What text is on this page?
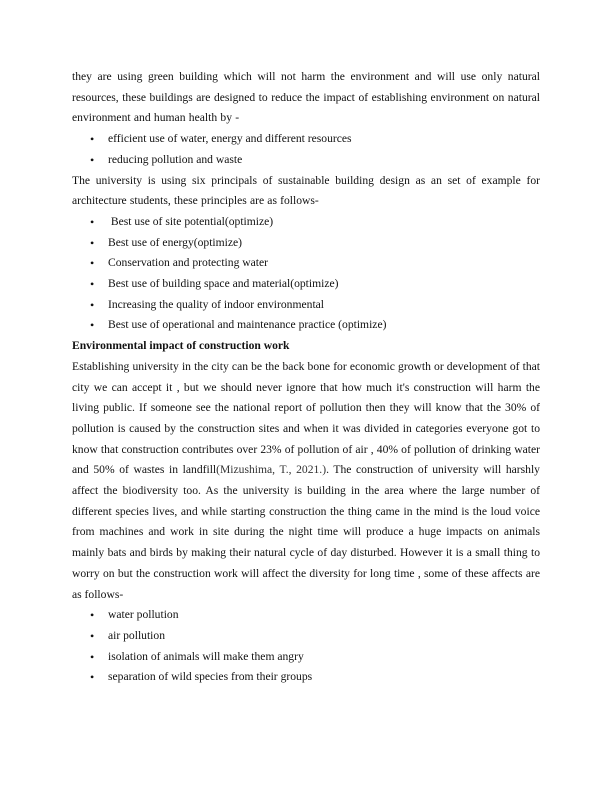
they are using green building which will not harm the environment and will use only natural resources, these buildings are designed to reduce the impact of establishing environment on natural environment and human health by -

• efficient use of water, energy and different resources
• reducing pollution and waste

The university is using six principals of sustainable building design as an set of example for architecture students, these principles are as follows-

• Best use of site potential(optimize)
• Best use of energy(optimize)
• Conservation and protecting water
• Best use of building space and material(optimize)
• Increasing the quality of indoor environmental
• Best use of operational and maintenance practice (optimize)
Environmental impact of construction work

Establishing university in the city can be the back bone for economic growth or development of that city we can accept it , but we should never ignore that how much it's construction will harm the living public. If someone see the national report of pollution then they will know that the 30% of pollution is caused by the construction sites and when it was divided in categories everyone got to know that construction contributes over 23% of pollution of air , 40% of pollution of drinking water and 50% of wastes in landfill(Mizushima, T., 2021.). The construction of university will harshly affect the biodiversity too. As the university is building in the area where the large number of different species lives, and while starting construction the thing came in the mind is the loud voice from machines and work in site during the night time will produce a huge impacts on animals mainly bats and birds by making their natural cycle of day disturbed. However it is a small thing to worry on but the construction work will affect the diversity for long time , some of these affects are as follows-

• water pollution
• air pollution
• isolation of animals will make them angry
• separation of wild species from their groups
